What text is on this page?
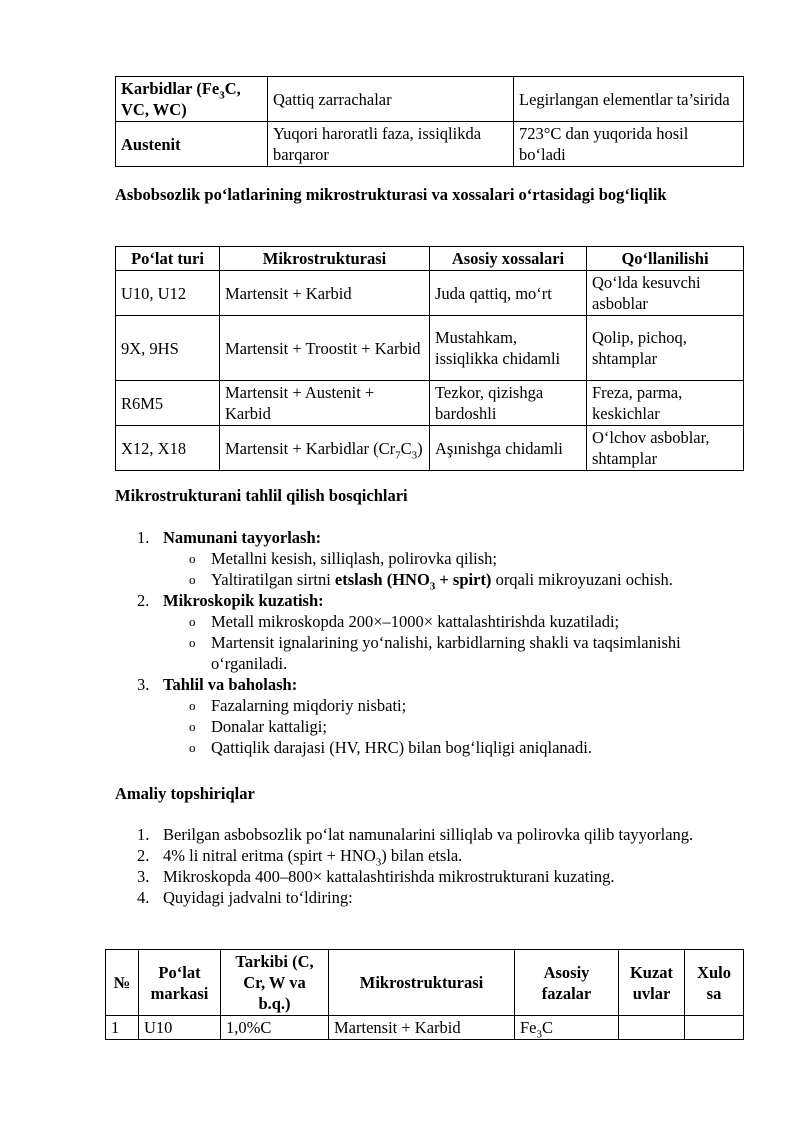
Karbidlar ($Fe_3C$,
VC, WC)	Qattiq zarrachalar	Legirlangan elementlar ta’sirida
Austenit	Yuqori haroratli faza, issiqlikda barqaror	723°C dan yuqorida hosil bo‘ladi
Asbobsozlik po‘latlarining mikrostrukturasi va xossalari o‘rtasidagi bog‘liqlik
Po‘lat turi	Mikrostrukturasi	Asosiy xossalari	Qo‘llanilishi
U10, U12	Martensit + Karbid	Juda qattiq, mo‘rt	Qo‘lda kesuvchi asboblar
9X, 9HS	Martensit + Troostit + Karbid	Mustahkam, issiqlikka chidamli	Qolip, pichoq, shtamplar
R6M5	Martensit + Austenit + Karbid	Tezkor, qizishga bardoshli	Freza, parma, keskichlar
X12, X18	Martensit + Karbidlar $(Cr_7C_3)$	Aşınishga chidamli	O‘lchov asboblar, shtamplar
Mikrostrukturani tahlil qilish bosqichlari
1. Namunani tayyorlash:
o Metallni kesish, silliqlash, polirovka qilish;
o Yaltiratilgan sirtni etslash ($HNO_3$ + spirt) orqali mikroyuzani ochish.
2. Mikroskopik kuzatish:
o Metall mikroskopda 200×–1000× kattalashtirishda kuzatiladi;
o Martensit ignalarining yo‘nalishi, karbidlarning shakli va taqsimlanishi o‘rganiladi.
3. Tahlil va baholash:
o Fazalarning miqdoriy nisbati;
o Donalar kattaligi;
o Qattiqlik darajasi (HV, HRC) bilan bog‘liqligi aniqlanadi.
Amaliy topshiriqlar
1. Berilgan asbobsozlik po‘lat namunalarini silliqlab va polirovka qilib tayyorlang.
2. 4% li nitral eritma (spirt + $HNO_3$) bilan etsla.
3. Mikroskopda 400–800× kattalashtirishda mikrostrukturani kuzating.
4. Quyidagi jadvalni to‘ldiring:
№	Po‘lat markasi	Tarkibi (C, Cr, W va b.q.)	Mikrostrukturasi	Asosiy fazalar	Kuzat uvlar	Xulo sa
1	U10	1,0%C	Martensit + Karbid	$Fe_3C$		
